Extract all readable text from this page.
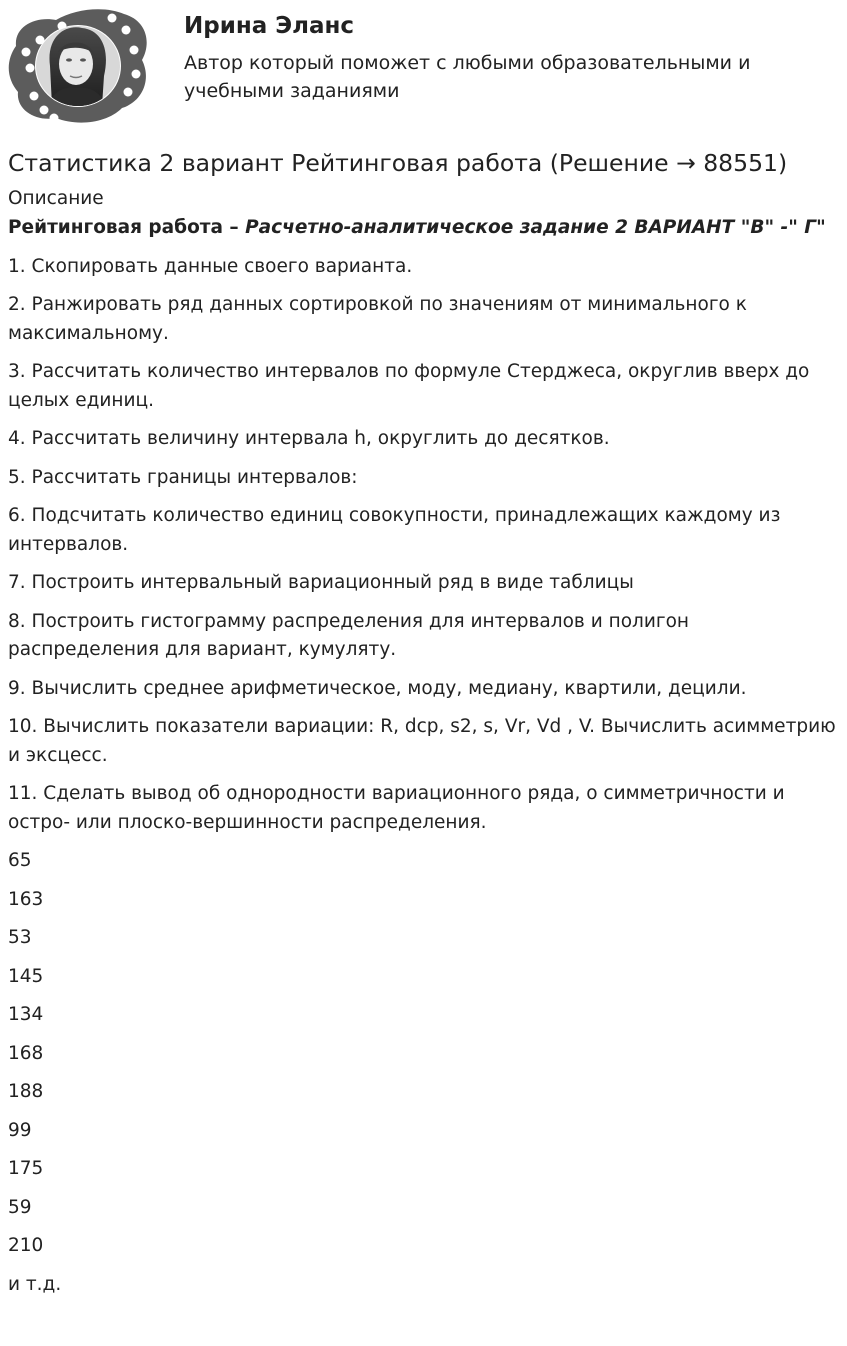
Ирина Эланс
Автор который поможет с любыми образовательными и учебными заданиями
Статистика 2 вариант Рейтинговая работа (Решение → 88551)
Описание

Рейтинговая работа – Расчетно-аналитическое задание 2 ВАРИАНТ "В" -" Г"

1. Скопировать данные своего варианта.

2. Ранжировать ряд данных сортировкой по значениям от минимального к максимальному.

3. Рассчитать количество интервалов по формуле Стерджеса, округлив вверх до целых единиц.

4. Рассчитать величину интервала h, округлить до десятков.

5. Рассчитать границы интервалов:

6. Подсчитать количество единиц совокупности, принадлежащих каждому из интервалов.

7. Построить интервальный вариационный ряд в виде таблицы

8. Построить гистограмму распределения для интервалов и полигон распределения для вариант, кумуляту.

9. Вычислить среднее арифметическое, моду, медиану, квартили, децили.

10. Вычислить показатели вариации: R, dcp, s2, s, Vr, Vd , V. Вычислить асимметрию и эксцесс.

11. Сделать вывод об однородности вариационного ряда, о симметричности и остро- или плоско-вершинности распределения.

65

163

53

145

134

168

188

99

175

59

210

и т.д.
